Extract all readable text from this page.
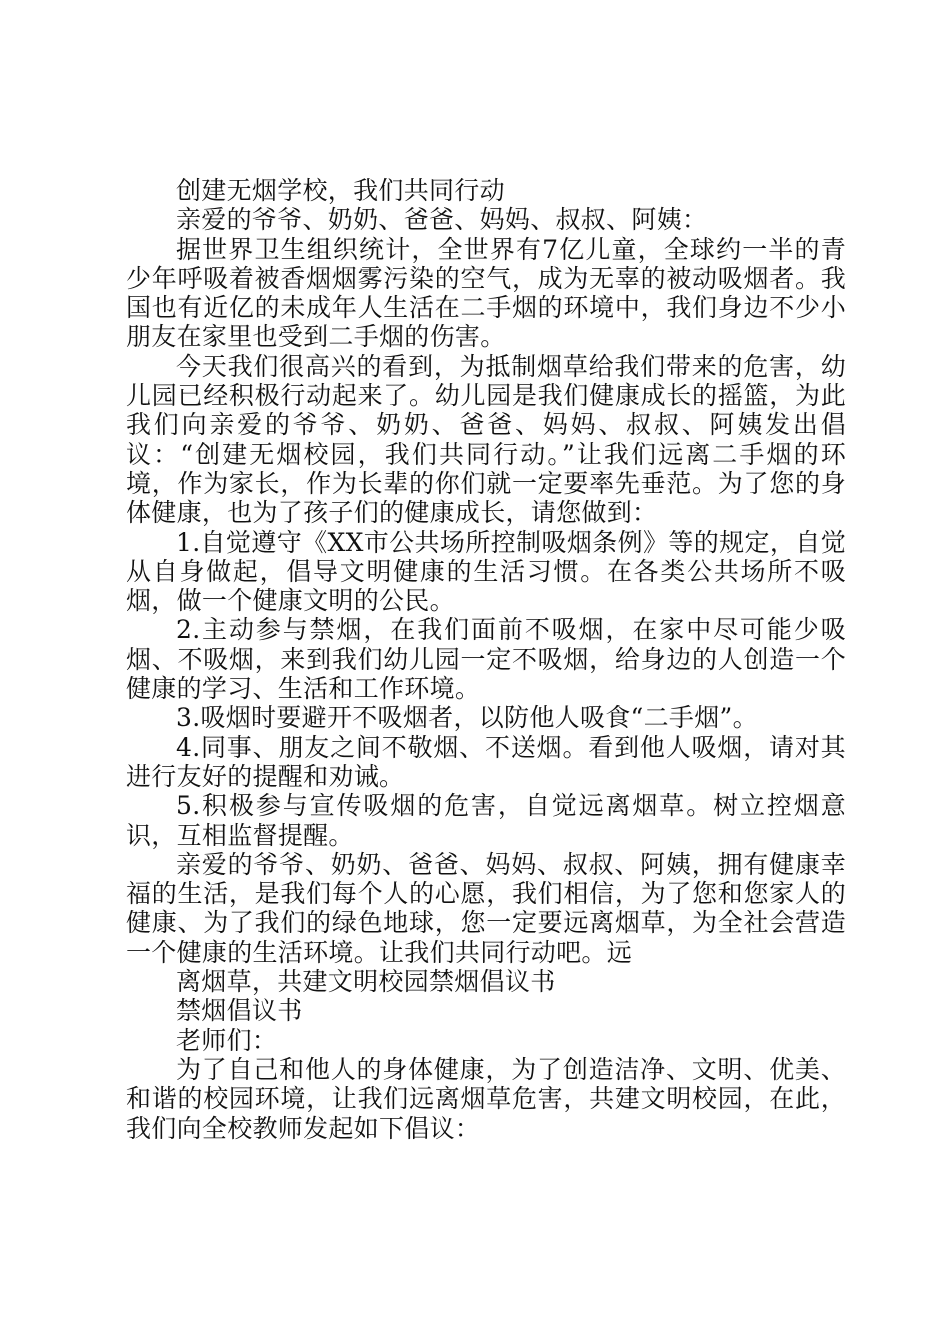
创建无烟学校，我们共同行动

亲爱的爷爷、奶奶、爸爸、妈妈、叔叔、阿姨：

据世界卫生组织统计，全世界有7亿儿童，全球约一半的青少年呼吸着被香烟烟雾污染的空气，成为无辜的被动吸烟者。我国也有近亿的未成年人生活在二手烟的环境中，我们身边不少小朋友在家里也受到二手烟的伤害。

今天我们很高兴的看到，为抵制烟草给我们带来的危害，幼儿园已经积极行动起来了。幼儿园是我们健康成长的摇篮，为此我们向亲爱的爷爷、奶奶、爸爸、妈妈、叔叔、阿姨发出倡议：“创建无烟校园，我们共同行动。”让我们远离二手烟的环境，作为家长，作为长辈的你们就一定要率先垂范。为了您的身体健康，也为了孩子们的健康成长，请您做到：

1.自觉遵守《XX市公共场所控制吸烟条例》等的规定，自觉从自身做起，倡导文明健康的生活习惯。在各类公共场所不吸烟，做一个健康文明的公民。

2.主动参与禁烟，在我们面前不吸烟，在家中尽可能少吸烟、不吸烟，来到我们幼儿园一定不吸烟，给身边的人创造一个健康的学习、生活和工作环境。

3.吸烟时要避开不吸烟者，以防他人吸食“二手烟”。

4.同事、朋友之间不敬烟、不送烟。看到他人吸烟，请对其进行友好的提醒和劝诫。

5.积极参与宣传吸烟的危害，自觉远离烟草。树立控烟意识，互相监督提醒。

亲爱的爷爷、奶奶、爸爸、妈妈、叔叔、阿姨，拥有健康幸福的生活，是我们每个人的心愿，我们相信，为了您和您家人的健康、为了我们的绿色地球，您一定要远离烟草，为全社会营造一个健康的生活环境。让我们共同行动吧。远

离烟草，共建文明校园禁烟倡议书

禁烟倡议书

老师们：

为了自己和他人的身体健康，为了创造洁净、文明、优美、和谐的校园环境，让我们远离烟草危害，共建文明校园，在此，我们向全校教师发起如下倡议：
